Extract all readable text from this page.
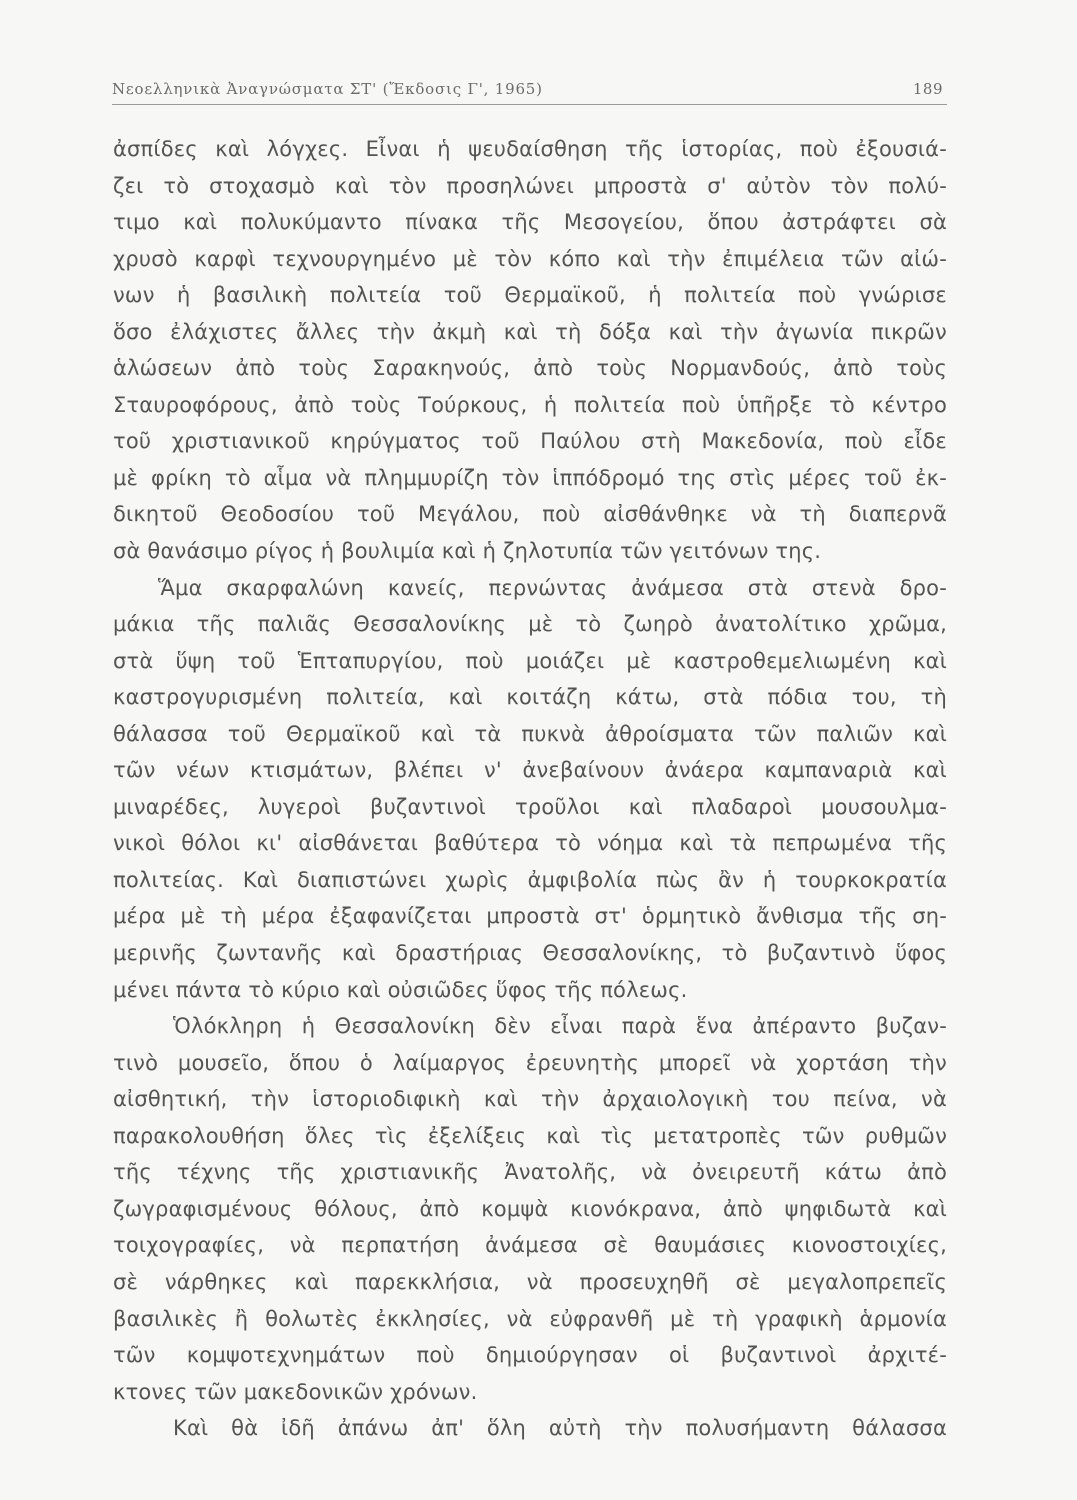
Νεοελληνικὰ Ἀναγνώσματα ΣΤ' (Ἔκδοσις Γ', 1965)	189
ἀσπίδες καὶ λόγχες. Εἶναι ἡ ψευδαίσθηση τῆς ἱστορίας, ποὺ ἐξουσιά-
ζει τὸ στοχασμὸ καὶ τὸν προσηλώνει μπροστὰ σ' αὐτὸν τὸν πολύ-
τιμο καὶ πολυκύμαντο πίνακα τῆς Μεσογείου, ὅπου ἀστράφτει σὰ
χρυσὸ καρφὶ τεχνουργημένο μὲ τὸν κόπο καὶ τὴν ἐπιμέλεια τῶν αἰώ-
νων ἡ βασιλικὴ πολιτεία τοῦ Θερμαϊκοῦ, ἡ πολιτεία ποὺ γνώρισε
ὅσο ἐλάχιστες ἄλλες τὴν ἀκμὴ καὶ τὴ δόξα καὶ τὴν ἀγωνία πικρῶν
ἁλώσεων ἀπὸ τοὺς Σαρακηνούς, ἀπὸ τοὺς Νορμανδούς, ἀπὸ τοὺς
Σταυροφόρους, ἀπὸ τοὺς Τούρκους, ἡ πολιτεία ποὺ ὑπῆρξε τὸ κέντρο
τοῦ χριστιανικοῦ κηρύγματος τοῦ Παύλου στὴ Μακεδονία, ποὺ εἶδε
μὲ φρίκη τὸ αἷμα νὰ πλημμυρίζη τὸν ἱππόδρομό της στὶς μέρες τοῦ ἐκ-
δικητοῦ Θεοδοσίου τοῦ Μεγάλου, ποὺ αἰσθάνθηκε νὰ τὴ διαπερνᾶ
σὰ θανάσιμο ρίγος ἡ βουλιμία καὶ ἡ ζηλοτυπία τῶν γειτόνων της.
Ἅμα σκαρφαλώνη κανείς, περνώντας ἀνάμεσα στὰ στενὰ δρο-
μάκια τῆς παλιᾶς Θεσσαλονίκης μὲ τὸ ζωηρὸ ἀνατολίτικο χρῶμα,
στὰ ὕψη τοῦ Ἑπταπυργίου, ποὺ μοιάζει μὲ καστροθεμελιωμένη καὶ
καστρογυρισμένη πολιτεία, καὶ κοιτάζη κάτω, στὰ πόδια του, τὴ
θάλασσα τοῦ Θερμαϊκοῦ καὶ τὰ πυκνὰ ἀθροίσματα τῶν παλιῶν καὶ
τῶν νέων κτισμάτων, βλέπει ν' ἀνεβαίνουν ἀνάερα καμπαναριὰ καὶ
μιναρέδες, λυγεροὶ βυζαντινοὶ τροῦλοι καὶ πλαδαροὶ μουσουλμα-
νικοὶ θόλοι κι' αἰσθάνεται βαθύτερα τὸ νόημα καὶ τὰ πεπρωμένα τῆς
πολιτείας. Καὶ διαπιστώνει χωρὶς ἀμφιβολία πὼς ἂν ἡ τουρκοκρατία
μέρα μὲ τὴ μέρα ἐξαφανίζεται μπροστὰ στ' ὁρμητικὸ ἄνθισμα τῆς ση-
μερινῆς ζωντανῆς καὶ δραστήριας Θεσσαλονίκης, τὸ βυζαντινὸ ὕφος
μένει πάντα τὸ κύριο καὶ οὐσιῶδες ὕφος τῆς πόλεως.
Ὁλόκληρη ἡ Θεσσαλονίκη δὲν εἶναι παρὰ ἕνα ἀπέραντο βυζαν-
τινὸ μουσεῖο, ὅπου ὁ λαίμαργος ἐρευνητὴς μπορεῖ νὰ χορτάση τὴν
αἰσθητική, τὴν ἱστοριοδιφικὴ καὶ τὴν ἀρχαιολογικὴ του πείνα, νὰ
παρακολουθήση ὅλες τὶς ἐξελίξεις καὶ τὶς μετατροπὲς τῶν ρυθμῶν
τῆς τέχνης τῆς χριστιανικῆς Ἀνατολῆς, νὰ ὀνειρευτῆ κάτω ἀπὸ
ζωγραφισμένους θόλους, ἀπὸ κομψὰ κιονόκρανα, ἀπὸ ψηφιδωτὰ καὶ
τοιχογραφίες, νὰ περπατήση ἀνάμεσα σὲ θαυμάσιες κιονοστοιχίες,
σὲ νάρθηκες καὶ παρεκκλήσια, νὰ προσευχηθῆ σὲ μεγαλοπρεπεῖς
βασιλικὲς ἢ θολωτὲς ἐκκλησίες, νὰ εὐφρανθῆ μὲ τὴ γραφικὴ ἁρμονία
τῶν κομψοτεχνημάτων ποὺ δημιούργησαν οἱ βυζαντινοὶ ἀρχιτέ-
κτονες τῶν μακεδονικῶν χρόνων.
Καὶ θὰ ἰδῆ ἀπάνω ἀπ' ὅλη αὐτὴ τὴν πολυσήμαντη θάλασσα
